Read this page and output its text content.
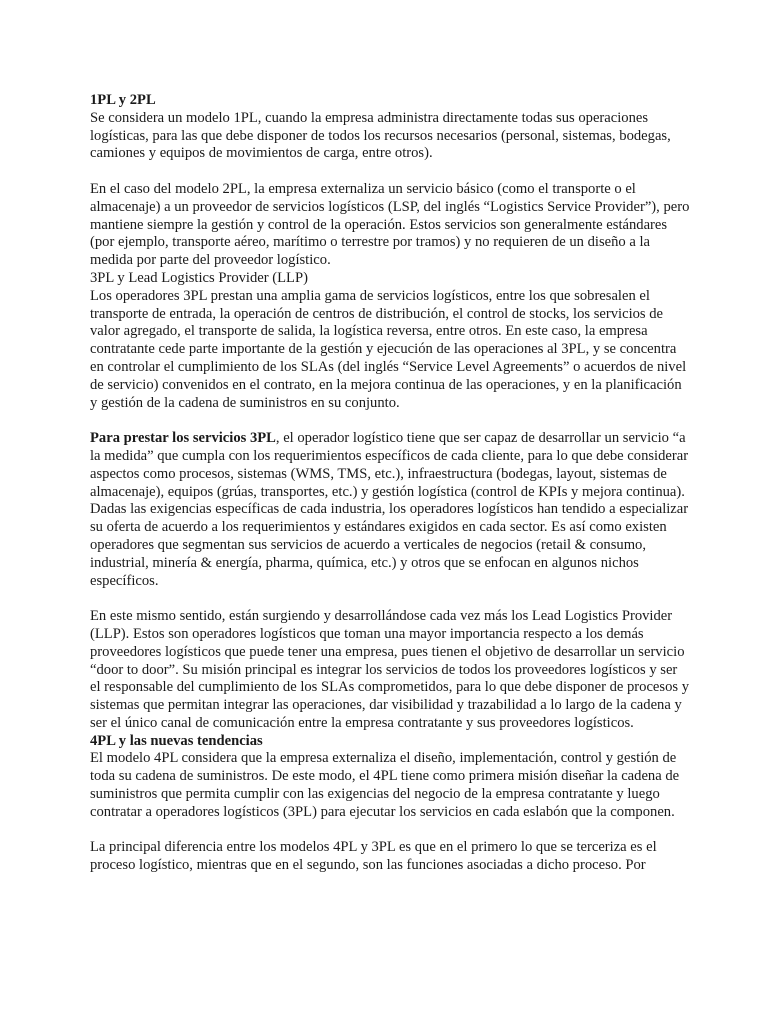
1PL y 2PL

Se considera un modelo 1PL, cuando la empresa administra directamente todas sus operaciones logísticas, para las que debe disponer de todos los recursos necesarios (personal, sistemas, bodegas, camiones y equipos de movimientos de carga, entre otros).

En el caso del modelo 2PL, la empresa externaliza un servicio básico (como el transporte o el almacenaje) a un proveedor de servicios logísticos (LSP, del inglés “Logistics Service Provider”), pero mantiene siempre la gestión y control de la operación. Estos servicios son generalmente estándares (por ejemplo, transporte aéreo, marítimo o terrestre por tramos) y no requieren de un diseño a la medida por parte del proveedor logístico.

3PL y Lead Logistics Provider (LLP)

Los operadores 3PL prestan una amplia gama de servicios logísticos, entre los que sobresalen el transporte de entrada, la operación de centros de distribución, el control de stocks, los servicios de valor agregado, el transporte de salida, la logística reversa, entre otros. En este caso, la empresa contratante cede parte importante de la gestión y ejecución de las operaciones al 3PL, y se concentra en controlar el cumplimiento de los SLAs (del inglés “Service Level Agreements” o acuerdos de nivel de servicio) convenidos en el contrato, en la mejora continua de las operaciones, y en la planificación y gestión de la cadena de suministros en su conjunto.

Para prestar los servicios 3PL, el operador logístico tiene que ser capaz de desarrollar un servicio “a la medida” que cumpla con los requerimientos específicos de cada cliente, para lo que debe considerar aspectos como procesos, sistemas (WMS, TMS, etc.), infraestructura (bodegas, layout, sistemas de almacenaje), equipos (grúas, transportes, etc.) y gestión logística (control de KPIs y mejora continua). Dadas las exigencias específicas de cada industria, los operadores logísticos han tendido a especializar su oferta de acuerdo a los requerimientos y estándares exigidos en cada sector. Es así como existen operadores que segmentan sus servicios de acuerdo a verticales de negocios (retail & consumo, industrial, minería & energía, pharma, química, etc.) y otros que se enfocan en algunos nichos específicos.

En este mismo sentido, están surgiendo y desarrollándose cada vez más los Lead Logistics Provider (LLP). Estos son operadores logísticos que toman una mayor importancia respecto a los demás proveedores logísticos que puede tener una empresa, pues tienen el objetivo de desarrollar un servicio “door to door”. Su misión principal es integrar los servicios de todos los proveedores logísticos y ser el responsable del cumplimiento de los SLAs comprometidos, para lo que debe disponer de procesos y sistemas que permitan integrar las operaciones, dar visibilidad y trazabilidad a lo largo de la cadena y ser el único canal de comunicación entre la empresa contratante y sus proveedores logísticos.

4PL y las nuevas tendencias

El modelo 4PL considera que la empresa externaliza el diseño, implementación, control y gestión de toda su cadena de suministros. De este modo, el 4PL tiene como primera misión diseñar la cadena de suministros que permita cumplir con las exigencias del negocio de la empresa contratante y luego contratar a operadores logísticos (3PL) para ejecutar los servicios en cada eslabón que la componen.

La principal diferencia entre los modelos 4PL y 3PL es que en el primero lo que se terceriza es el proceso logístico, mientras que en el segundo, son las funciones asociadas a dicho proceso. Por
